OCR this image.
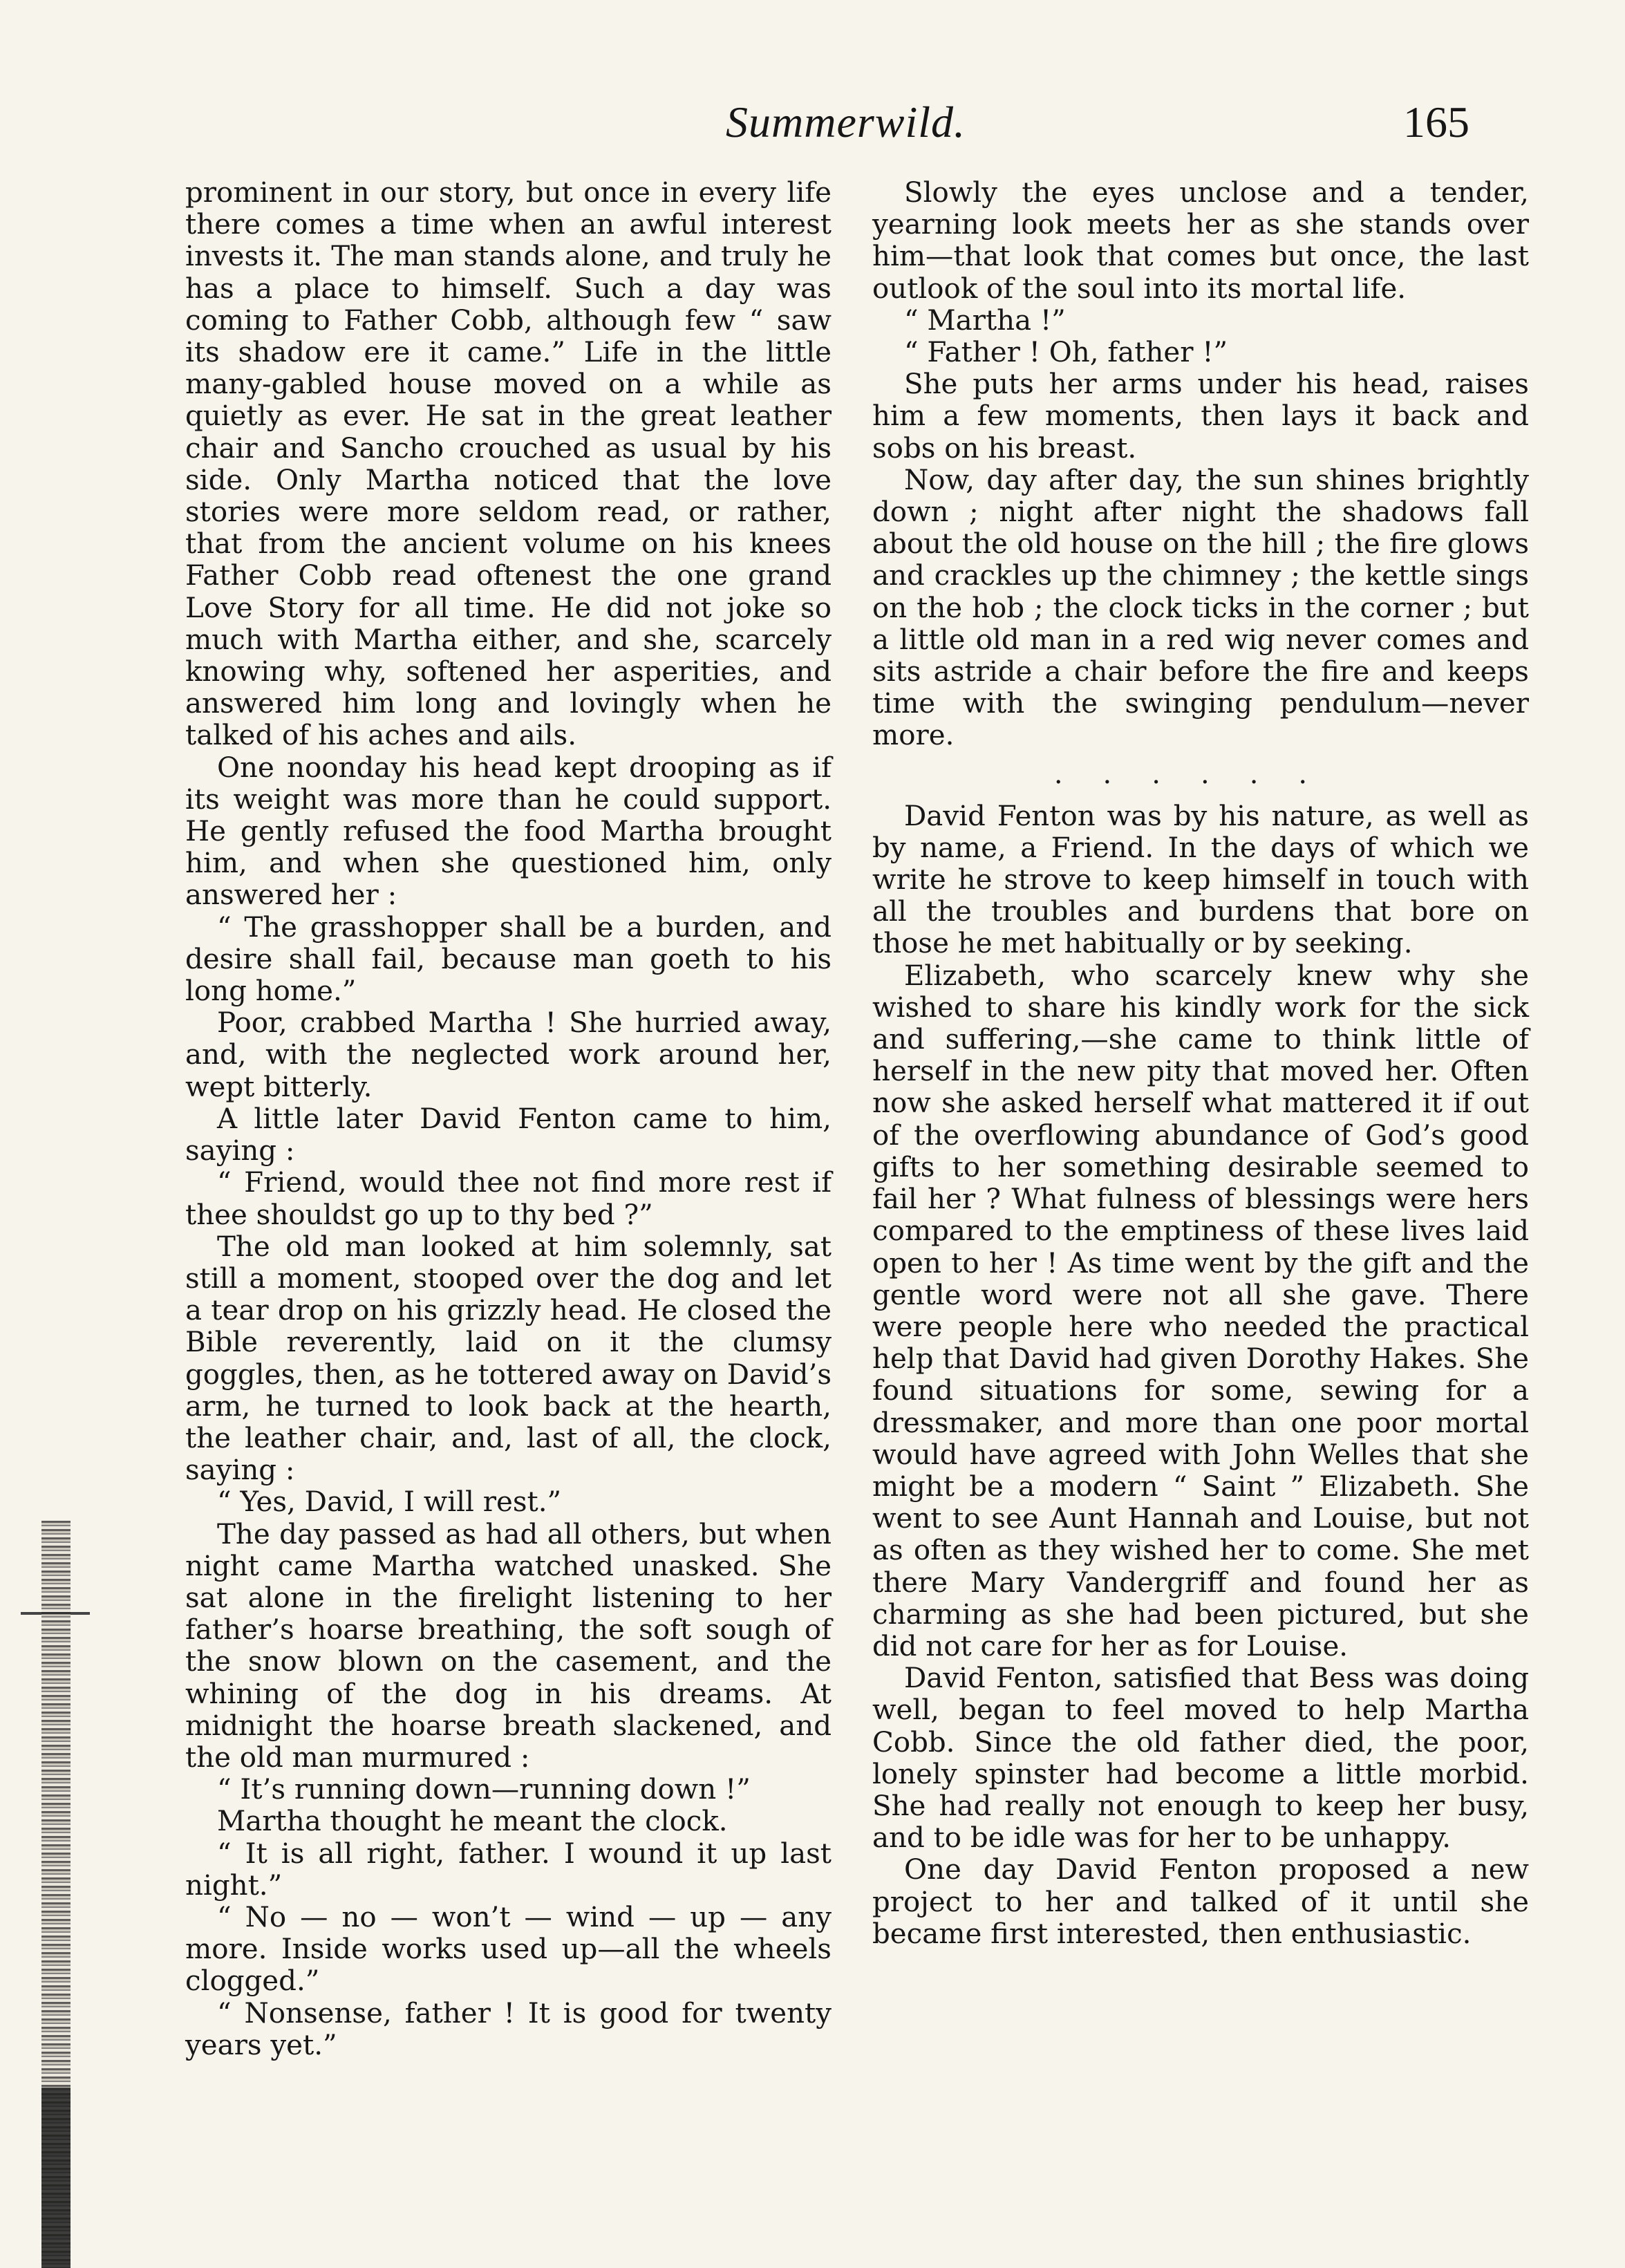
Summerwild.	165

prominent in our story, but once in every life there comes a time when an awful interest invests it. The man stands alone, and truly he has a place to himself. Such a day was coming to Father Cobb, although few “ saw its shadow ere it came.” Life in the little many-gabled house moved on a while as quietly as ever. He sat in the great leather chair and Sancho crouched as usual by his side. Only Martha noticed that the love stories were more seldom read, or rather, that from the ancient volume on his knees Father Cobb read oftenest the one grand Love Story for all time. He did not joke so much with Martha either, and she, scarcely knowing why, softened her asperities, and answered him long and lovingly when he talked of his aches and ails.

One noonday his head kept drooping as if its weight was more than he could support. He gently refused the food Martha brought him, and when she questioned him, only answered her :

“ The grasshopper shall be a burden, and desire shall fail, because man goeth to his long home.”

Poor, crabbed Martha ! She hurried away, and, with the neglected work around her, wept bitterly.

A little later David Fenton came to him, saying :

“ Friend, would thee not find more rest if thee shouldst go up to thy bed ?”

The old man looked at him solemnly, sat still a moment, stooped over the dog and let a tear drop on his grizzly head. He closed the Bible reverently, laid on it the clumsy goggles, then, as he tottered away on David’s arm, he turned to look back at the hearth, the leather chair, and, last of all, the clock, saying :

“ Yes, David, I will rest.”

The day passed as had all others, but when night came Martha watched unasked. She sat alone in the firelight listening to her father’s hoarse breathing, the soft sough of the snow blown on the casement, and the whining of the dog in his dreams. At midnight the hoarse breath slackened, and the old man murmured :

“ It’s running down—running down !”

Martha thought he meant the clock.

“ It is all right, father. I wound it up last night.”

“ No — no — won’t — wind — up — any more. Inside works used up—all the wheels clogged.”

“ Nonsense, father ! It is good for twenty years yet.”

Slowly the eyes unclose and a tender, yearning look meets her as she stands over him—that look that comes but once, the last outlook of the soul into its mortal life.

“ Martha !”

“ Father ! Oh, father !”

She puts her arms under his head, raises him a few moments, then lays it back and sobs on his breast.

Now, day after day, the sun shines brightly down ; night after night the shadows fall about the old house on the hill ; the fire glows and crackles up the chimney ; the kettle sings on the hob ; the clock ticks in the corner ; but a little old man in a red wig never comes and sits astride a chair before the fire and keeps time with the swinging pendulum—never more.

......

David Fenton was by his nature, as well as by name, a Friend. In the days of which we write he strove to keep himself in touch with all the troubles and burdens that bore on those he met habitually or by seeking.

Elizabeth, who scarcely knew why she wished to share his kindly work for the sick and suffering,—she came to think little of herself in the new pity that moved her. Often now she asked herself what mattered it if out of the overflowing abundance of God’s good gifts to her something desirable seemed to fail her ? What fulness of blessings were hers compared to the emptiness of these lives laid open to her ! As time went by the gift and the gentle word were not all she gave. There were people here who needed the practical help that David had given Dorothy Hakes. She found situations for some, sewing for a dressmaker, and more than one poor mortal would have agreed with John Welles that she might be a modern “ Saint ” Elizabeth. She went to see Aunt Hannah and Louise, but not as often as they wished her to come. She met there Mary Vandergriff and found her as charming as she had been pictured, but she did not care for her as for Louise.

David Fenton, satisfied that Bess was doing well, began to feel moved to help Martha Cobb. Since the old father died, the poor, lonely spinster had become a little morbid. She had really not enough to keep her busy, and to be idle was for her to be unhappy.

One day David Fenton proposed a new project to her and talked of it until she became first interested, then enthusiastic.
